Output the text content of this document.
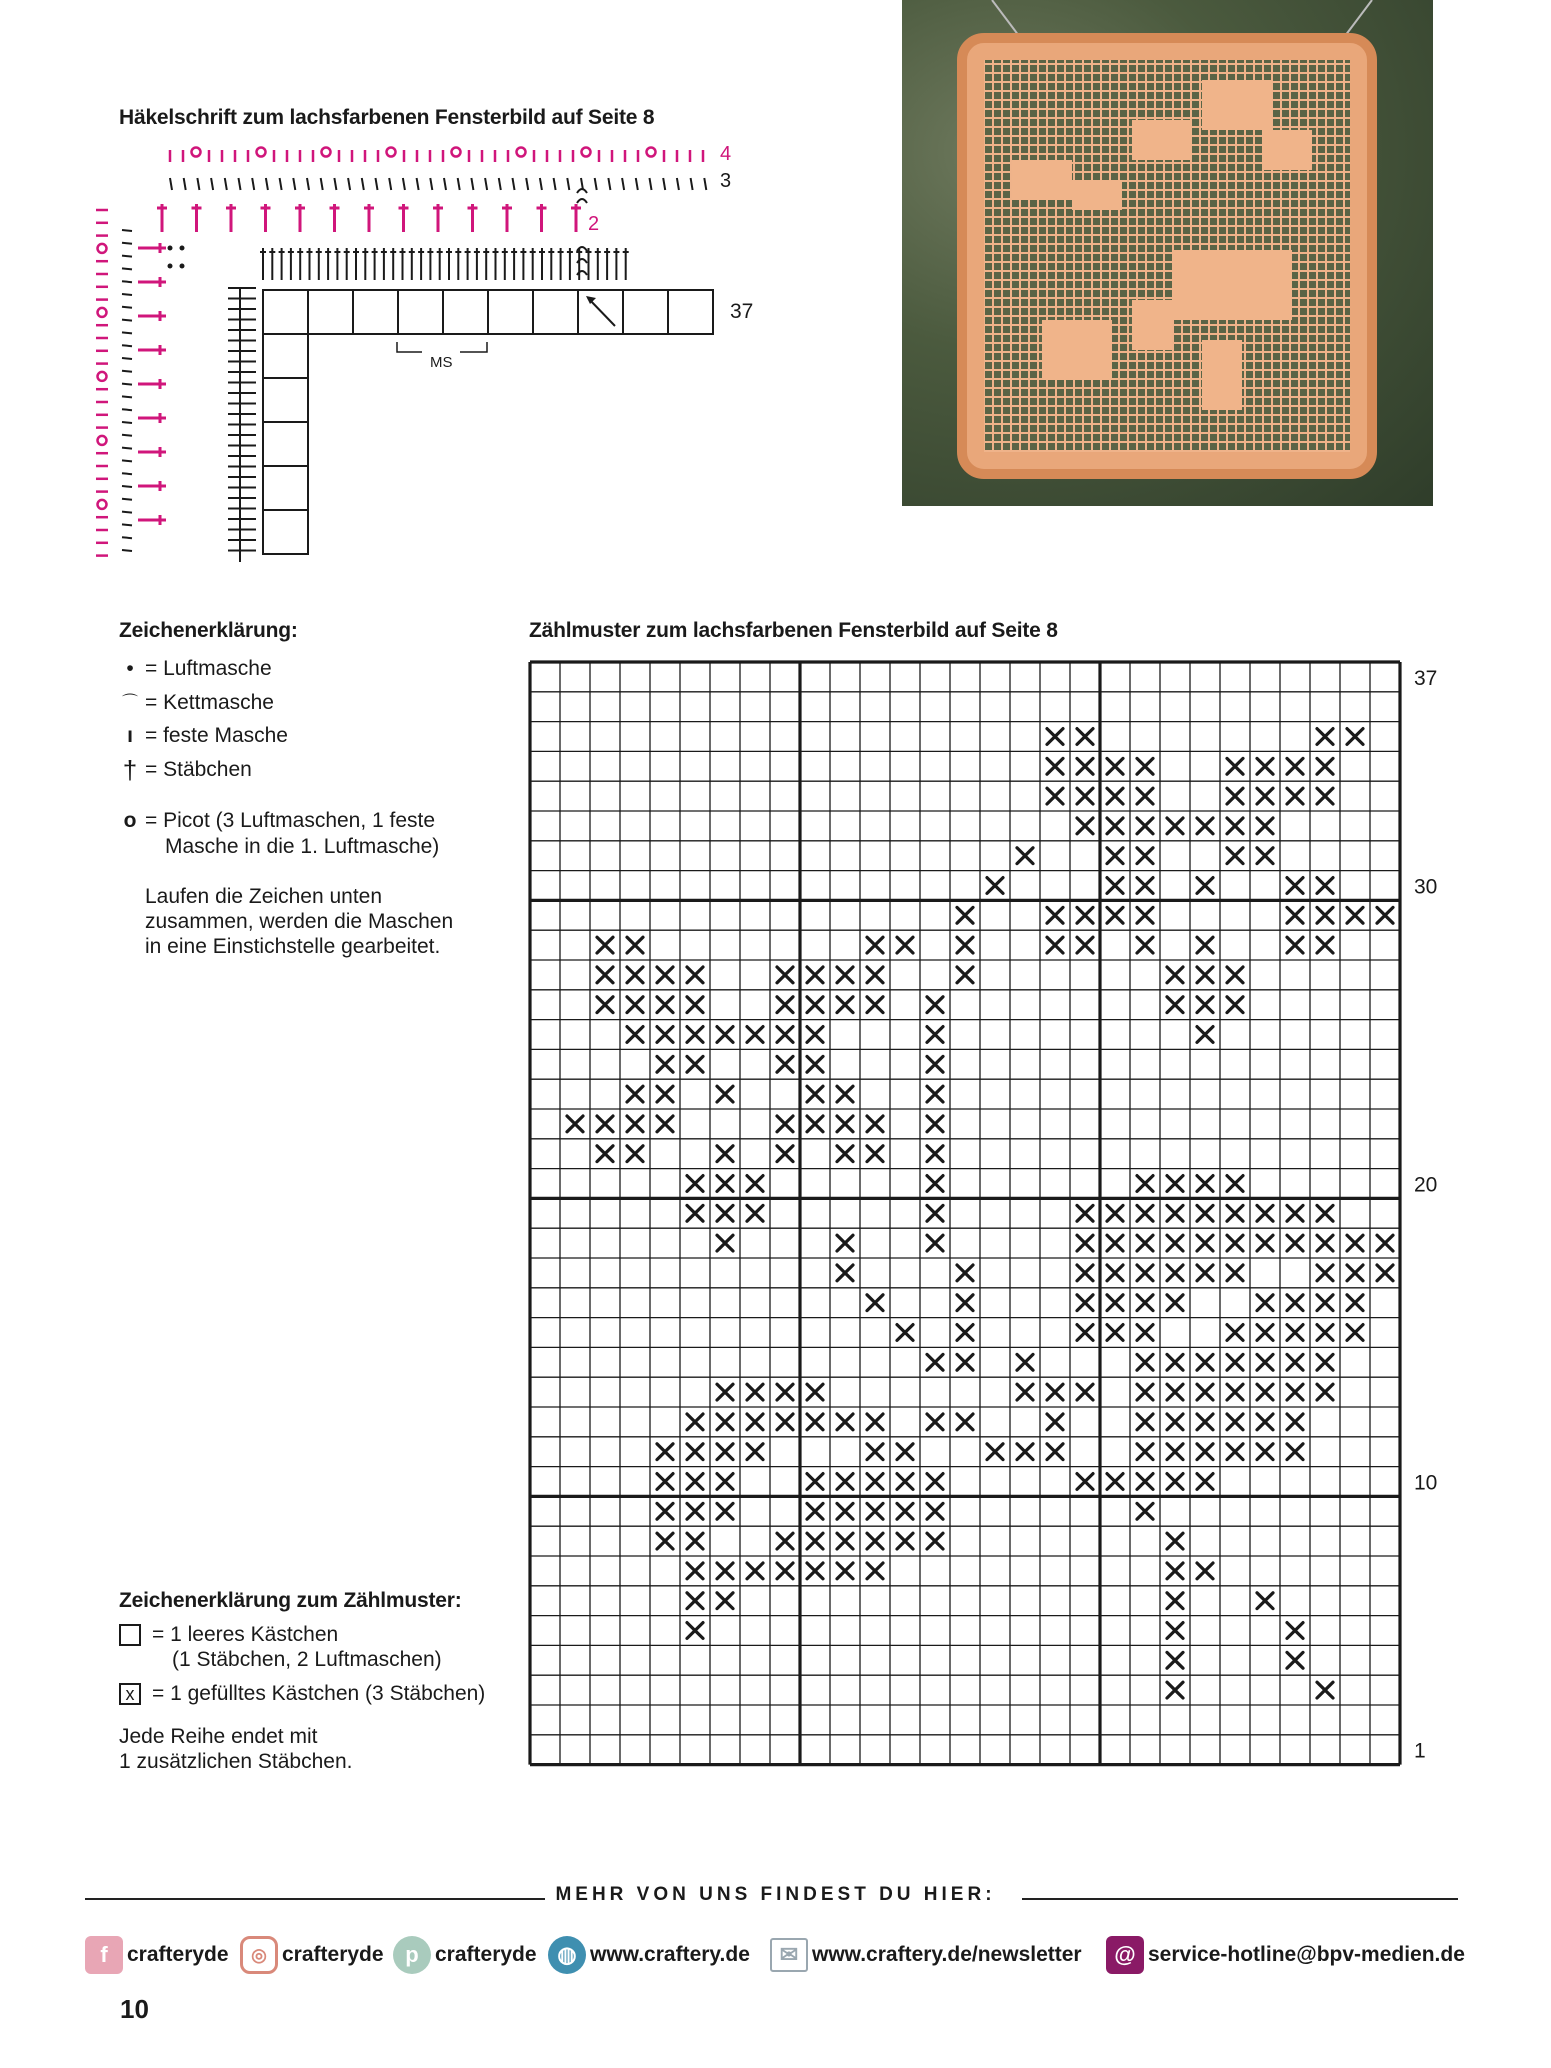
Häkelschrift zum lachsfarbenen Fensterbild auf Seite 8
4
3
2
37
MS
Zeichenerklärung:
• = Luftmasche
⌒ = Kettmasche
ı = feste Masche
† = Stäbchen
o = Picot (3 Luftmaschen, 1 feste
Masche in die 1. Luftmasche)
Laufen die Zeichen unten
zusammen, werden die Maschen
in eine Einstichstelle gearbeitet.
Zählmuster zum lachsfarbenen Fensterbild auf Seite 8
37
30
20
10
1
Zeichenerklärung zum Zählmuster:
= 1 leeres Kästchen
(1 Stäbchen, 2 Luftmaschen)
x = 1 gefülltes Kästchen (3 Stäbchen)
Jede Reihe endet mit
1 zusätzlichen Stäbchen.
MEHR VON UNS FINDEST DU HIER:
f crafteryde	◎ crafteryde p crafteryde ◍ www.craftery.de	✉ www.craftery.de/newsletter	@ service-hotline@bpv-medien.de
10
